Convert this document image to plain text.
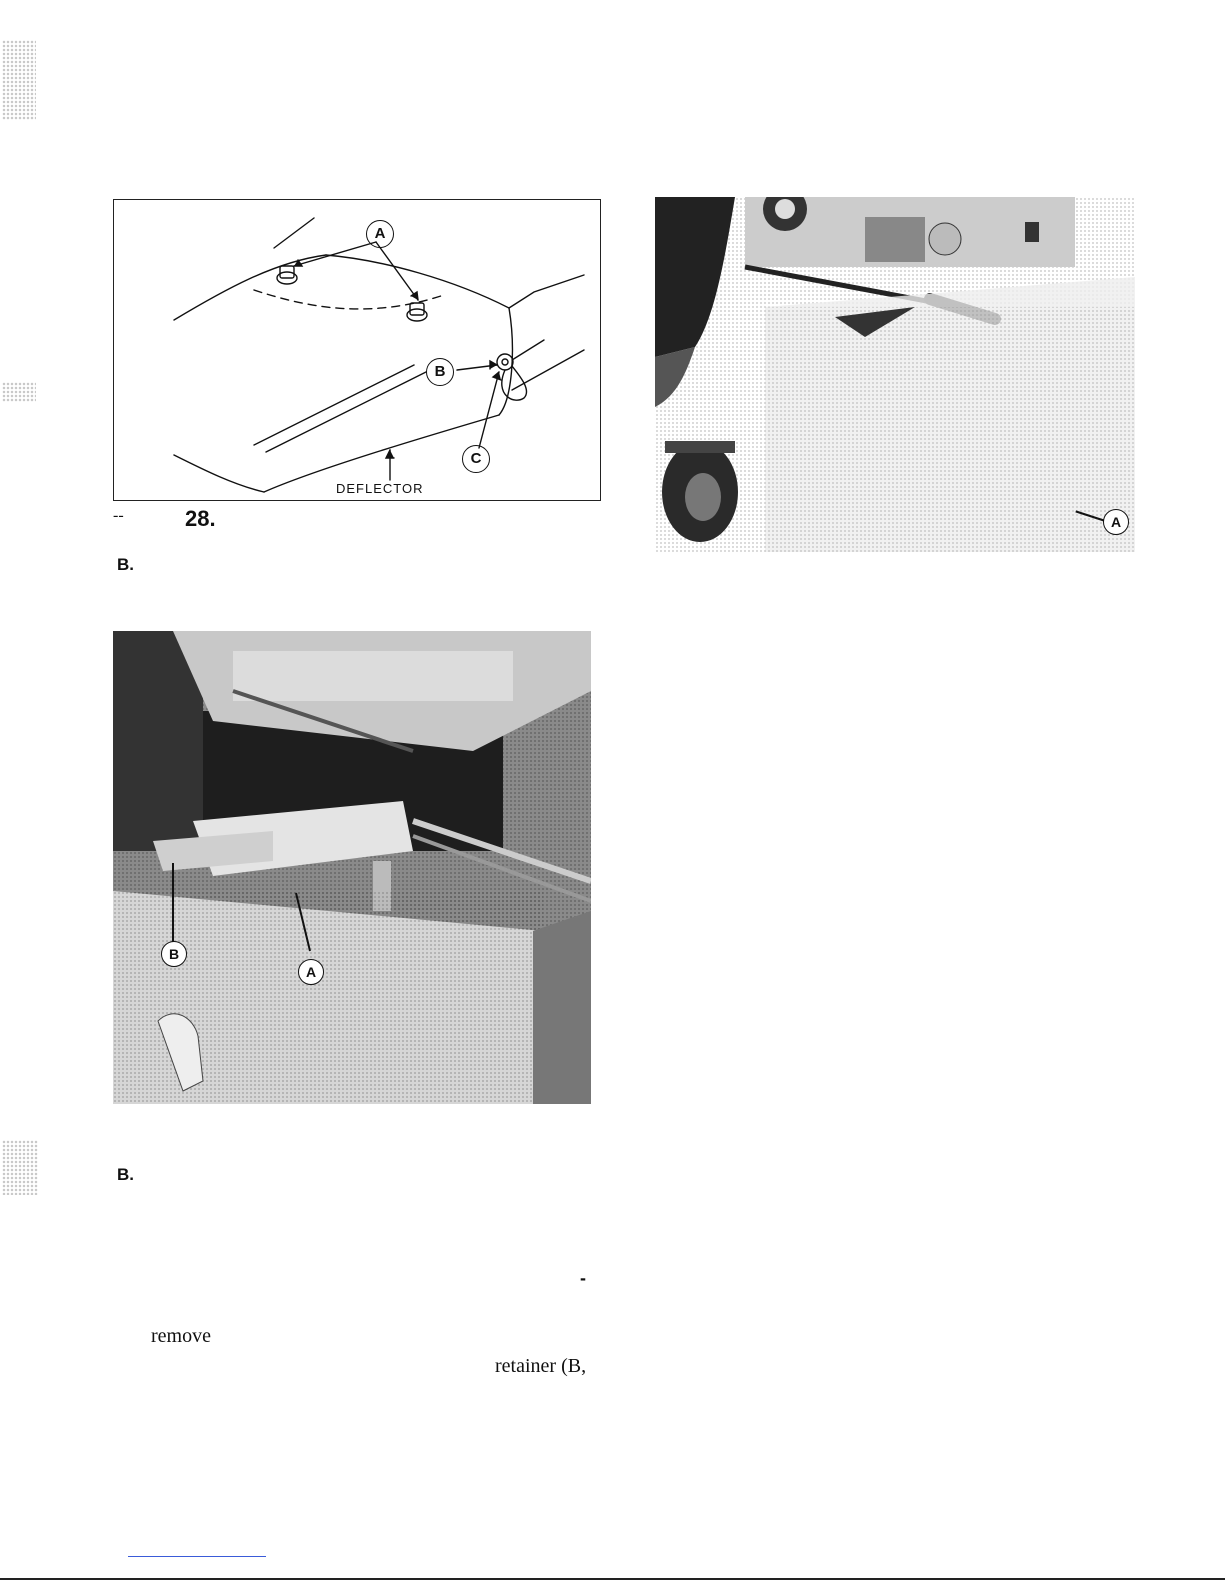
A
B
C
DEFLECTOR
--	28.
B.
A
B
A
B.
-
remove
retainer (B,
